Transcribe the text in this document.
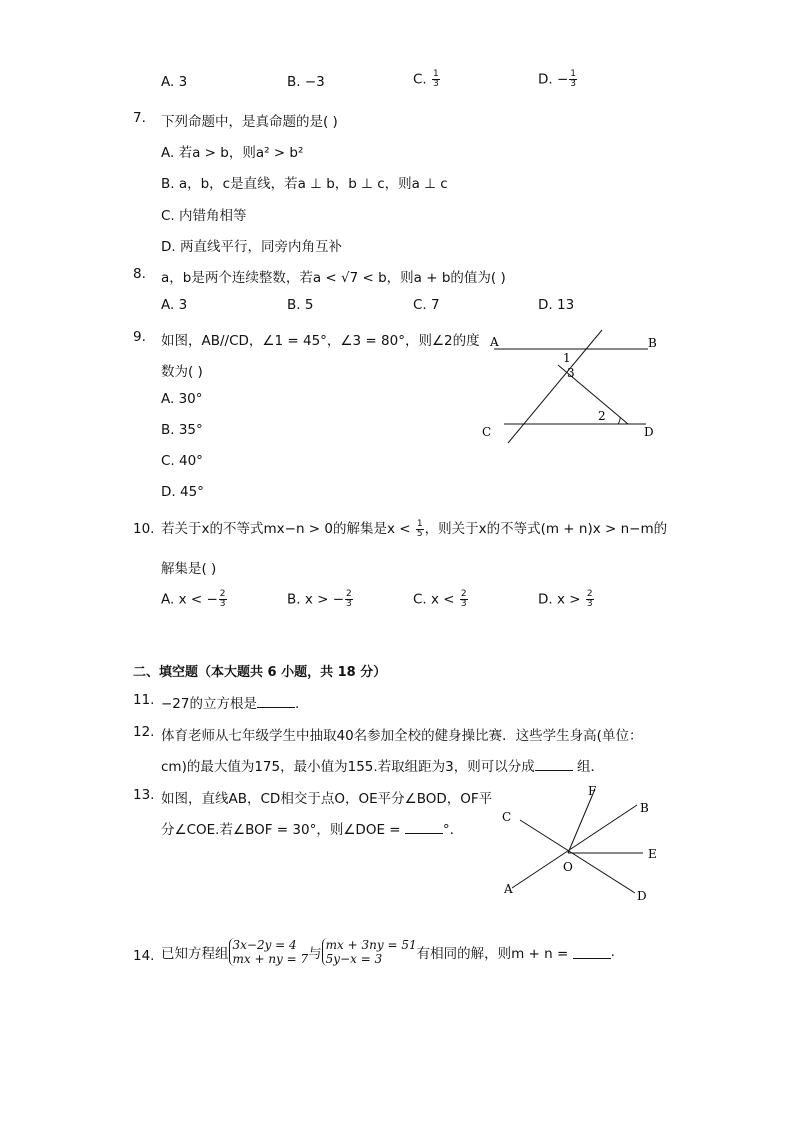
A. 3	B. −3	C. $\frac{1}{3}$	D. − $\frac{1}{3}$
7. 下列命题中，是真命题的是( )
A. 若a > b，则a² > b²
B. a，b，c是直线，若a ⊥ b，b ⊥ c，则a ⊥ c
C. 内错角相等
D. 两直线平行，同旁内角互补
8. a，b是两个连续整数，若a < √7 < b，则a + b的值为( )
A. 3	B. 5	C. 7	D. 13
9. 如图，AB//CD，∠1 = 45°，∠3 = 80°，则∠2的度
数为( )
A. 30°
B. 35°
C. 40°
D. 45°
A	B
C	D
1
3
2
10. 若关于x的不等式mx−n > 0的解集是$x < \frac{1}{5}$ ，则关于x的不等式(m + n)x > n−m的
解集是( )
A. x < − $\frac{2}{3}$	B. x > − $\frac{2}{3}$	C. $x < \frac{2}{3}$	D. $x > \frac{2}{3}$
二、填空题（本大题共 6 小题，共 18 分）
11. −27的立方根是	.
12. 体育老师从七年级学生中抽取40名参加全校的健身操比赛．这些学生身高(单位：
cm)的最大值为175，最小值为155.若取组距为3，则可以分成	组．
13. 如图，直线AB，CD相交于点O，OE平分∠BOD，OF平
分∠COE.若∠BOF = 30°，则∠DOE =	°.
C
F
B
E
D
A
O
14. 已知方程组3x−2y = 4
mx + ny = 7与mx + 3ny = 51
5y−x = 3	有相同的解，则m + n =	.
